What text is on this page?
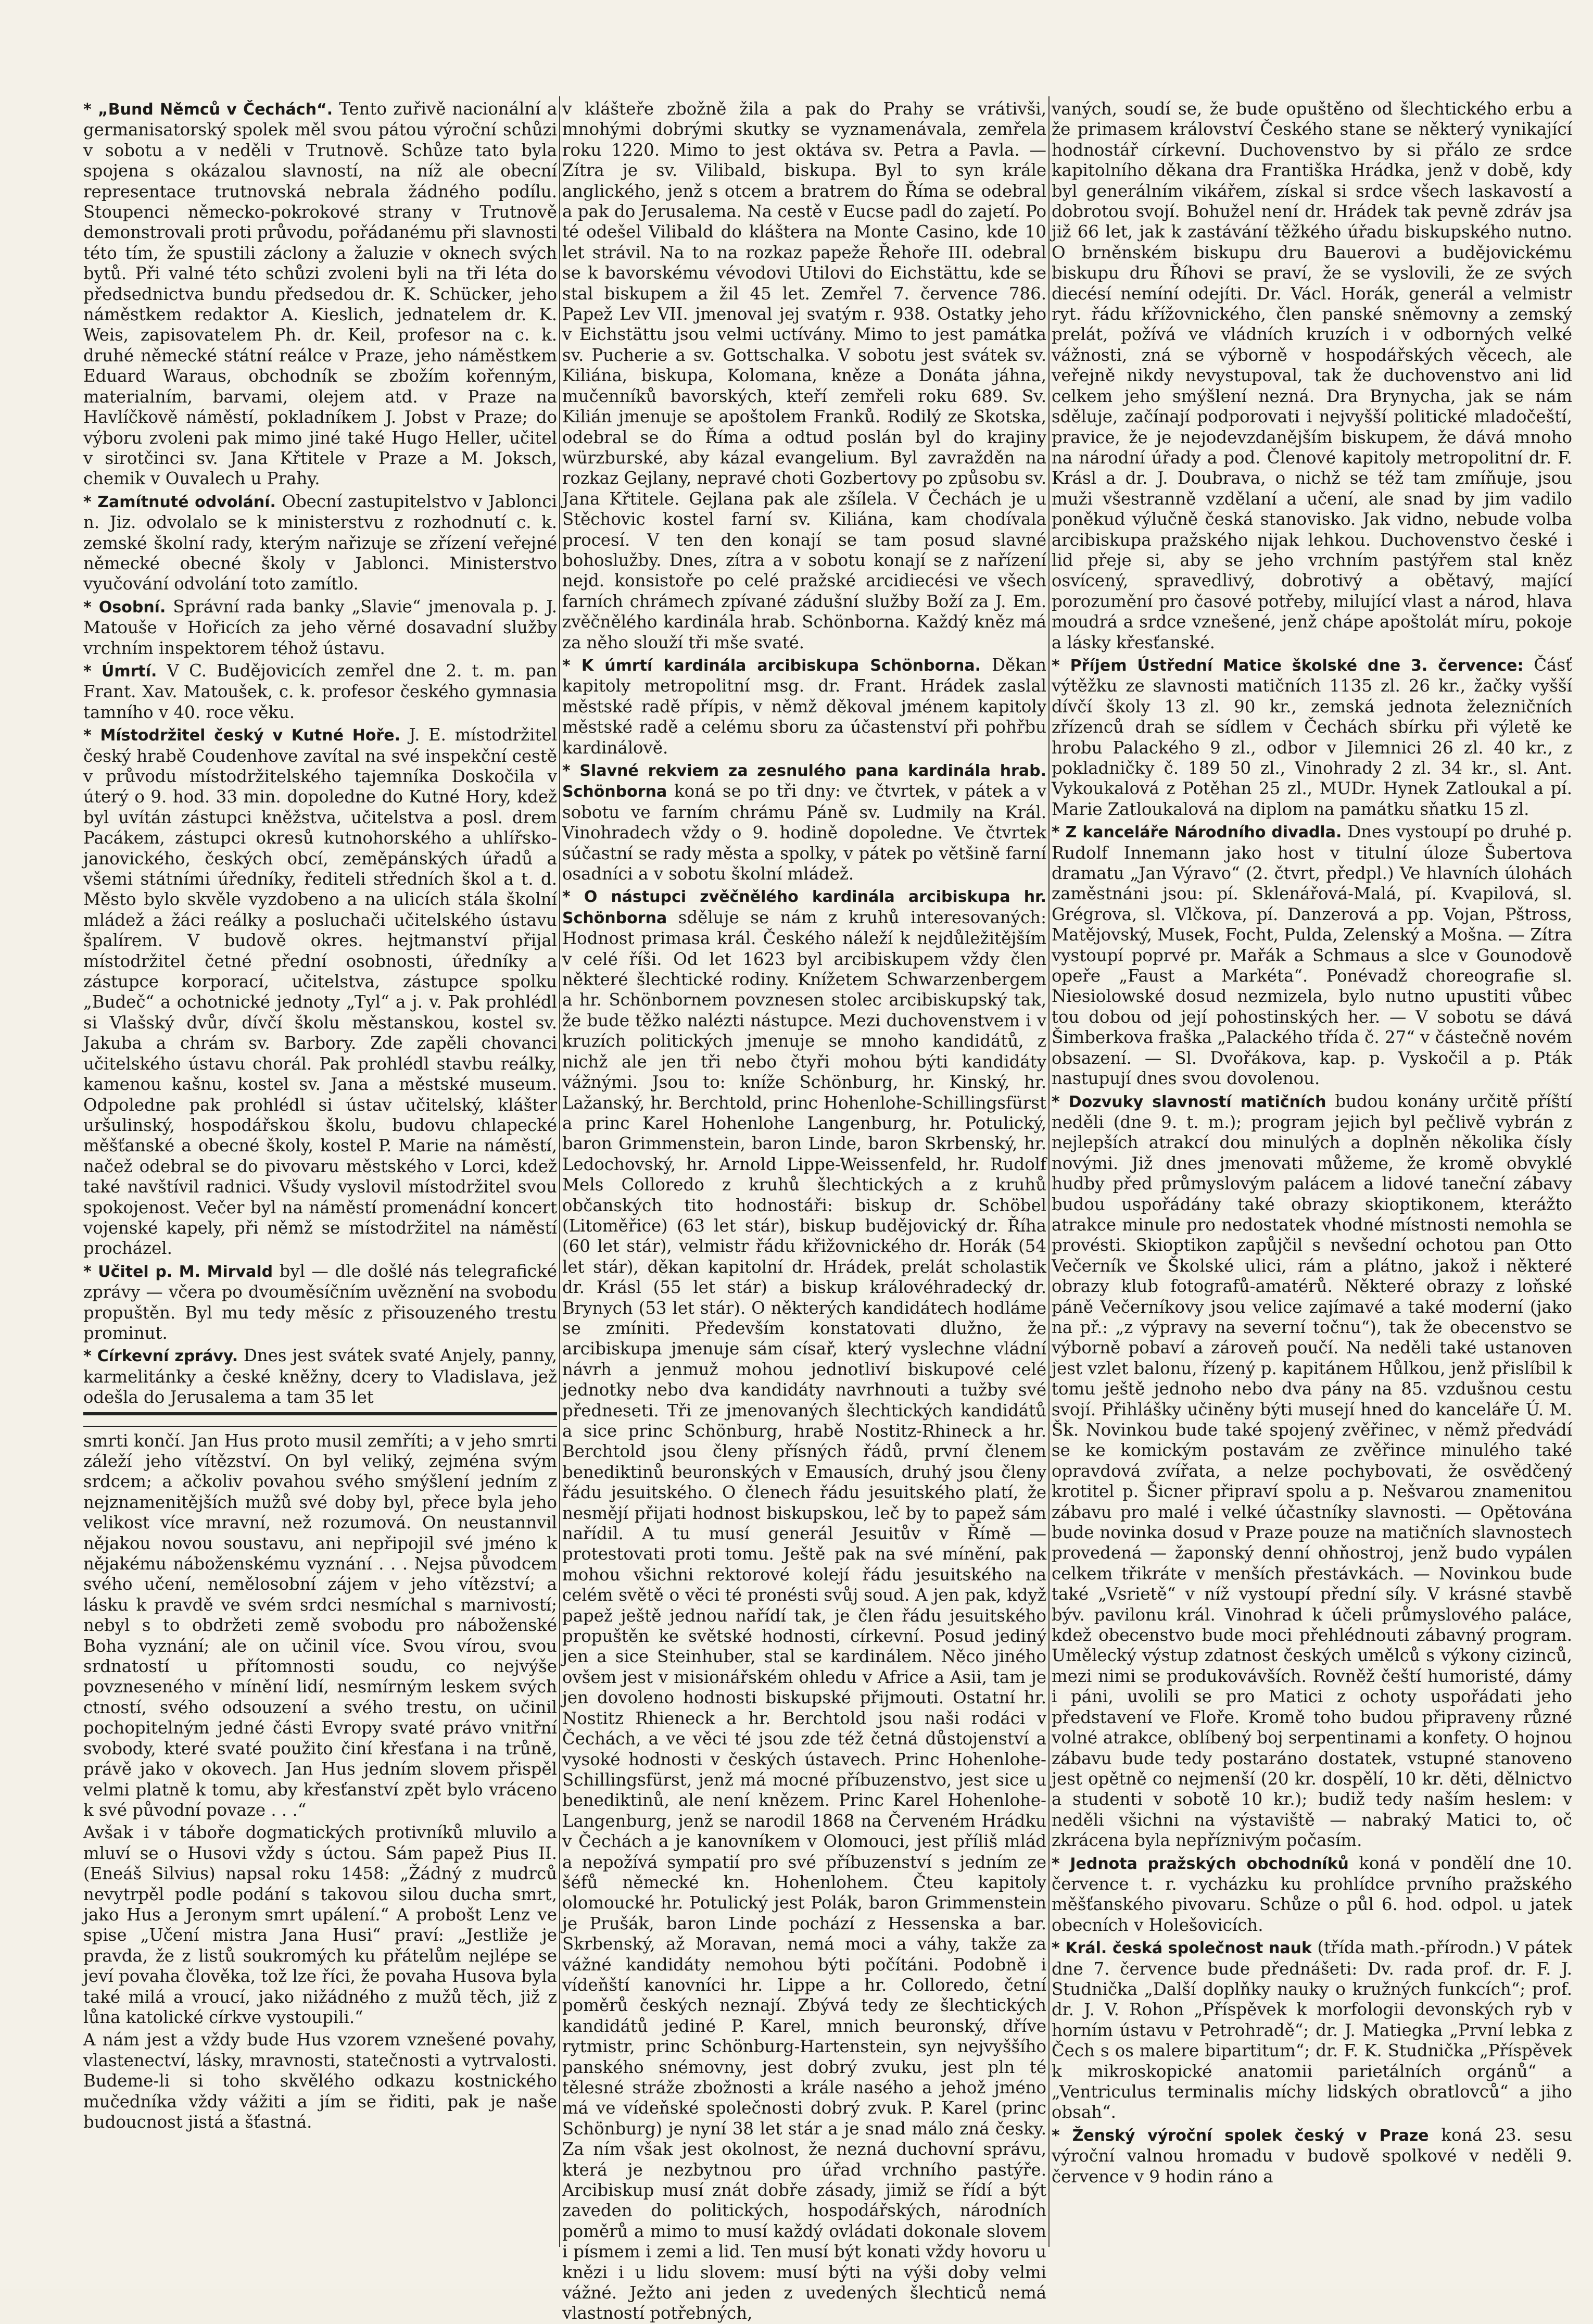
* „Bund Němců v Čechách“. Tento zuřivě nacionální a germanisatorský spolek měl svou pátou výroční schůzi v sobotu a v neděli v Trutnově. Schůze tato byla spojena s okázalou slavností, na níž ale obecní representace trutnovská nebrala žádného podílu. Stoupenci německo-pokrokové strany v Trutnově demonstrovali proti průvodu, pořádanému při slavnosti této tím, že spustili záclony a žaluzie v oknech svých bytů. Při valné této schůzi zvoleni byli na tři léta do předsednictva bundu předsedou dr. K. Schücker, jeho náměstkem redaktor A. Kieslich, jednatelem dr. K. Weis, zapisovatelem Ph. dr. Keil, profesor na c. k. druhé německé státní reálce v Praze, jeho náměstkem Eduard Waraus, obchodník se zbožím kořenným, materialním, barvami, olejem atd. v Praze na Havlíčkově náměstí, pokladníkem J. Jobst v Praze; do výboru zvoleni pak mimo jiné také Hugo Heller, učitel v sirotčinci sv. Jana Křtitele v Praze a M. Joksch, chemik v Ouvalech u Prahy.

* Zamítnuté odvolání. Obecní zastupitelstvo v Jablonci n. Jiz. odvolalo se k ministerstvu z rozhodnutí c. k. zemské školní rady, kterým nařizuje se zřízení veřejné německé obecné školy v Jablonci. Ministerstvo vyučování odvolání toto zamítlo.

* Osobní. Správní rada banky „Slavie“ jmenovala p. J. Matouše v Hořicích za jeho věrné dosavadní služby vrchním inspektorem téhož ústavu.

* Úmrtí. V C. Budějovicích zemřel dne 2. t. m. pan Frant. Xav. Matoušek, c. k. profesor českého gymnasia tamního v 40. roce věku.

* Místodržitel český v Kutné Hoře. J. E. místodržitel český hrabě Coudenhove zavítal na své inspekční cestě v průvodu místodržitelského tajemníka Doskočila v úterý o 9. hod. 33 min. dopoledne do Kutné Hory, kdež byl uvítán zástupci kněžstva, učitelstva a posl. drem Pacákem, zástupci okresů kutnohorského a uhlířsko-janovického, českých obcí, zeměpánských úřadů a všemi státními úředníky, řediteli středních škol a t. d. Město bylo skvěle vyzdobeno a na ulicích stála školní mládež a žáci reálky a posluchači učitelského ústavu špalírem. V budově okres. hejtmanství přijal místodržitel četné přední osobnosti, úředníky a zástupce korporací, učitelstva, zástupce spolku „Budeč“ a ochotnické jednoty „Tyl“ a j. v. Pak prohlédl si Vlašský dvůr, dívčí školu městanskou, kostel sv. Jakuba a chrám sv. Barbory. Zde zapěli chovanci učitelského ústavu chorál. Pak prohlédl stavbu reálky, kamenou kašnu, kostel sv. Jana a městské museum. Odpoledne pak prohlédl si ústav učitelský, klášter uršulinský, hospodářskou školu, budovu chlapecké měšťanské a obecné školy, kostel P. Marie na náměstí, načež odebral se do pivovaru městského v Lorci, kdež také navštívil radnici. Všudy vyslovil místodržitel svou spokojenost. Večer byl na náměstí promenádní koncert vojenské kapely, při němž se místodržitel na náměstí procházel.

* Učitel p. M. Mirvald byl — dle došlé nás telegrafické zprávy — včera po dvouměsíčním uvěznění na svobodu propuštěn. Byl mu tedy měsíc z přisouzeného trestu prominut.

* Církevní zprávy. Dnes jest svátek svaté Anjely, panny, karmelitánky a české kněžny, dcery to Vladislava, jež odešla do Jerusalema a tam 35 let

smrti končí. Jan Hus proto musil zemříti; a v jeho smrti záleží jeho vítězství. On byl veliký, zejména svým srdcem; a ačkoliv povahou svého smýšlení jedním z nejznamenitějších mužů své doby byl, přece byla jeho velikost více mravní, než rozumová. On neustannvil nějakou novou soustavu, ani nepřipojil své jméno k nějakému náboženskému vyznání . . . Nejsa původcem svého učení, nemělosobní zájem v jeho vítězství; a lásku k pravdě ve svém srdci nesmíchal s marnivostí; nebyl s to obdržeti země svobodu pro náboženské Boha vyznání; ale on učinil více. Svou vírou, svou srdnatostí u přítomnosti soudu, co nejvýše povzneseného v mínění lidí, nesmírným leskem svých ctností, svého odsouzení a svého trestu, on učinil pochopitelným jedné části Evropy svaté právo vnitřní svobody, které svaté použito činí křesťana i na trůně, právě jako v okovech. Jan Hus jedním slovem přispěl velmi platně k tomu, aby křesťanství zpět bylo vráceno k své původní povaze . . .“

Avšak i v táboře dogmatických protivníků mluvilo a mluví se o Husovi vždy s úctou. Sám papež Pius II. (Eneáš Silvius) napsal roku 1458: „Žádný z mudrců nevytrpěl podle podání s takovou silou ducha smrt, jako Hus a Jeronym smrt upálení.“ A probošt Lenz ve spise „Učení mistra Jana Husi“ praví: „Jestliže je pravda, že z listů soukromých ku přátelům nejlépe se jeví povaha člověka, tož lze říci, že povaha Husova byla také milá a vroucí, jako nižádného z mužů těch, již z lůna katolické církve vystoupili.“

A nám jest a vždy bude Hus vzorem vznešené povahy, vlastenectví, lásky, mravnosti, statečnosti a vytrvalosti. Budeme-li si toho skvělého odkazu kostnického mučedníka vždy vážiti a jím se řiditi, pak je naše budoucnost jistá a šťastná.

v klášteře zbožně žila a pak do Prahy se vrátivši, mnohými dobrými skutky se vyznamenávala, zemřela roku 1220. Mimo to jest oktáva sv. Petra a Pavla. — Zítra je sv. Vilibald, biskupa. Byl to syn krále anglického, jenž s otcem a bratrem do Říma se odebral a pak do Jerusalema. Na cestě v Eucse padl do zajetí. Po té odešel Vilibald do kláštera na Monte Casino, kde 10 let strávil. Na to na rozkaz papeže Řehoře III. odebral se k bavorskému vévodovi Utilovi do Eichstättu, kde se stal biskupem a žil 45 let. Zemřel 7. července 786. Papež Lev VII. jmenoval jej svatým r. 938. Ostatky jeho v Eichstättu jsou velmi uctívány. Mimo to jest památka sv. Pucherie a sv. Gottschalka. V sobotu jest svátek sv. Kiliána, biskupa, Kolomana, kněze a Donáta jáhna, mučenníků bavorských, kteří zemřeli roku 689. Sv. Kilián jmenuje se apoštolem Franků. Rodilý ze Skotska, odebral se do Říma a odtud poslán byl do krajiny würzburské, aby kázal evangelium. Byl zavražděn na rozkaz Gejlany, nepravé choti Gozbertovy po způsobu sv. Jana Křtitele. Gejlana pak ale zšílela. V Čechách je u Stěchovic kostel farní sv. Kiliána, kam chodívala procesí. V ten den konají se tam posud slavné bohoslužby. Dnes, zítra a v sobotu konají se z nařízení nejd. konsistoře po celé pražské arcidiecési ve všech farních chrámech zpívané zádušní služby Boží za J. Em. zvěčnělého kardinála hrab. Schönborna. Každý kněz má za něho slouží tři mše svaté.

* K úmrtí kardinála arcibiskupa Schönborna. Děkan kapitoly metropolitní msg. dr. Frant. Hrádek zaslal městské radě přípis, v němž děkoval jménem kapitoly městské radě a celému sboru za účastenství při pohřbu kardinálově.

* Slavné rekviem za zesnulého pana kardinála hrab. Schönborna koná se po tři dny: ve čtvrtek, v pátek a v sobotu ve farním chrámu Páně sv. Ludmily na Král. Vinohradech vždy o 9. hodině dopoledne. Ve čtvrtek súčastní se rady města a spolky, v pátek po většině farní osadníci a v sobotu školní mládež.

* O nástupci zvěčnělého kardinála arcibiskupa hr. Schönborna sděluje se nám z kruhů interesovaných: Hodnost primasa král. Českého náleží k nejdůležitějším v celé říši. Od let 1623 byl arcibiskupem vždy člen některé šlechtické rodiny. Knížetem Schwarzenbergem a hr. Schönbornem povznesen stolec arcibiskupský tak, že bude těžko nalézti nástupce. Mezi duchovenstvem i v kruzích politických jmenuje se mnoho kandidátů, z nichž ale jen tři nebo čtyři mohou býti kandidáty vážnými. Jsou to: kníže Schönburg, hr. Kinský, hr. Lažanský, hr. Berchtold, princ Hohenlohe-Schillingsfürst a princ Karel Hohenlohe Langenburg, hr. Potulický, baron Grimmenstein, baron Linde, baron Skrbenský, hr. Ledochovský, hr. Arnold Lippe-Weissenfeld, hr. Rudolf Mels Colloredo z kruhů šlechtických a z kruhů občanských tito hodnostáři: biskup dr. Schöbel (Litoměřice) (63 let stár), biskup budějovický dr. Říha (60 let stár), velmistr řádu křižovnického dr. Horák (54 let stár), děkan kapitolní dr. Hrádek, prelát scholastik dr. Krásl (55 let stár) a biskup královéhradecký dr. Brynych (53 let stár). O některých kandidátech hodláme se zmíniti. Především konstatovati dlužno, že arcibiskupa jmenuje sám císař, který vyslechne vládní návrh a jenmuž mohou jednotliví biskupové celé jednotky nebo dva kandidáty navrhnouti a tužby své předneseti. Tři ze jmenovaných šlechtických kandidátů a sice princ Schönburg, hrabě Nostitz-Rhineck a hr. Berchtold jsou členy přísných řádů, první členem benediktinů beuronských v Emausích, druhý jsou členy řádu jesuitského. O členech řádu jesuitského platí, že nesmějí přijati hodnost biskupskou, leč by to papež sám nařídil. A tu musí generál Jesuitův v Římě — protestovati proti tomu. Ještě pak na své mínění, pak mohou všichni rektorové kolejí řádu jesuitského na celém světě o věci té pronésti svůj soud. A jen pak, když papež ještě jednou nařídí tak, je člen řádu jesuitského propuštěn ke světské hodnosti, církevní. Posud jediný jen a sice Steinhuber, stal se kardinálem. Něco jiného ovšem jest v misionářském ohledu v Africe a Asii, tam je jen dovoleno hodnosti biskupské přijmouti. Ostatní hr. Nostitz Rhieneck a hr. Berchtold jsou naši rodáci v Čechách, a ve věci té jsou zde též četná důstojenství a vysoké hodnosti v českých ústavech. Princ Hohenlohe-Schillingsfürst, jenž má mocné příbuzenstvo, jest sice u benediktinů, ale není knězem. Princ Karel Hohenlohe-Langenburg, jenž se narodil 1868 na Červeném Hrádku v Čechách a je kanovníkem v Olomouci, jest příliš mlád a nepožívá sympatií pro své příbuzenství s jedním ze šéfů německé kn. Hohenlohem. Čteu kapitoly olomoucké hr. Potulický jest Polák, baron Grimmenstein je Prušák, baron Linde pochází z Hessenska a bar. Skrbenský, až Moravan, nemá moci a váhy, takže za vážné kandidáty nemohou býti počítáni. Podobně i vídeňští kanovníci hr. Lippe a hr. Colloredo, četní poměrů českých neznají. Zbývá tedy ze šlechtických kandidátů jediné P. Karel, mnich beuronský, dříve rytmistr, princ Schönburg-Hartenstein, syn nejvyššího panského snémovny, jest dobrý zvuku, jest pln té tělesné stráže zbožnosti a krále nasého a jehož jméno má ve vídeňské společnosti dobrý zvuk. P. Karel (princ Schönburg) je nyní 38 let stár a je snad málo zná česky. Za ním však jest okolnost, že nezná duchovní správu, která je nezbytnou pro úřad vrchního pastýře. Arcibiskup musí znát dobře zásady, jimiž se řídí a být zaveden do politických, hospodářských, národních poměrů a mimo to musí každý ovládati dokonale slovem i písmem i zemi a lid. Ten musí být konati vždy hovoru u knězi i u lidu slovem: musí býti na výši doby velmi vážné. Ježto ani jeden z uvedených šlechticů nemá vlastností potřebných,

vaných, soudí se, že bude opuštěno od šlechtického erbu a že primasem království Českého stane se některý vynikající hodnostář církevní. Duchovenstvo by si přálo ze srdce kapitolního děkana dra Františka Hrádka, jenž v době, kdy byl generálním vikářem, získal si srdce všech laskavostí a dobrotou svojí. Bohužel není dr. Hrádek tak pevně zdráv jsa již 66 let, jak k zastávání těžkého úřadu biskupského nutno. O brněnském biskupu dru Bauerovi a budějovickému biskupu dru Říhovi se praví, že se vyslovili, že ze svých diecésí nemíní odejíti. Dr. Václ. Horák, generál a velmistr ryt. řádu křížovnického, člen panské sněmovny a zemský prelát, požívá ve vládních kruzích i v odborných velké vážnosti, zná se výborně v hospodářských věcech, ale veřejně nikdy nevystupoval, tak že duchovenstvo ani lid celkem jeho smýšlení nezná. Dra Brynycha, jak se nám sděluje, začínají podporovati i nejvyšší politické mladočeští, pravice, že je nejodevzdanějším biskupem, že dává mnoho na národní úřady a pod. Členové kapitoly metropolitní dr. F. Krásl a dr. J. Doubrava, o nichž se též tam zmíňuje, jsou muži všestranně vzdělaní a učení, ale snad by jim vadilo poněkud výlučně česká stanovisko. Jak vidno, nebude volba arcibiskupa pražského nijak lehkou. Duchovenstvo české i lid přeje si, aby se jeho vrchním pastýřem stal kněz osvícený, spravedlivý, dobrotivý a obětavý, mající porozumění pro časové potřeby, milující vlast a národ, hlava moudrá a srdce vznešené, jenž chápe apoštolát míru, pokoje a lásky křesťanské.

* Příjem Ústřední Matice školské dne 3. července: Čásť výtěžku ze slavnosti matičních 1135 zl. 26 kr., žačky vyšší dívčí školy 13 zl. 90 kr., zemská jednota železničních zřízenců drah se sídlem v Čechách sbírku při výletě ke hrobu Palackého 9 zl., odbor v Jilemnici 26 zl. 40 kr., z pokladničky č. 189 50 zl., Vinohrady 2 zl. 34 kr., sl. Ant. Vykoukalová z Potěhan 25 zl., MUDr. Hynek Zatloukal a pí. Marie Zatloukalová na diplom na památku sňatku 15 zl.

* Z kanceláře Národního divadla. Dnes vystoupí po druhé p. Rudolf Innemann jako host v titulní úloze Šubertova dramatu „Jan Výravo“ (2. čtvrt, předpl.) Ve hlavních úlohách zaměstnáni jsou: pí. Sklenářová-Malá, pí. Kvapilová, sl. Grégrova, sl. Vlčkova, pí. Danzerová a pp. Vojan, Pštross, Matějovský, Musek, Focht, Pulda, Zelenský a Mošna. — Zítra vystoupí poprvé pr. Mařák a Schmaus a slce v Gounodově opeře „Faust a Markéta“. Ponévadž choreografie sl. Niesiolowské dosud nezmizela, bylo nutno upustiti vůbec tou dobou od její pohostinských her. — V sobotu se dává Šimberkova fraška „Palackého třída č. 27“ v částečně novém obsazení. — Sl. Dvořákova, kap. p. Vyskočil a p. Pták nastupují dnes svou dovolenou.

* Dozvuky slavností matičních budou konány určitě příští neděli (dne 9. t. m.); program jejich byl pečlivě vybrán z nejlepších atrakcí dou minulých a doplněn několika čísly novými. Již dnes jmenovati můžeme, že kromě obvyklé hudby před průmyslovým palácem a lidové taneční zábavy budou uspořádány také obrazy skioptikonem, kterážto atrakce minule pro nedostatek vhodné místnosti nemohla se provésti. Skioptikon zapůjčil s nevšední ochotou pan Otto Večerník ve Školské ulici, rám a plátno, jakož i některé obrazy klub fotografů-amatérů. Některé obrazy z loňské páně Večerníkovy jsou velice zajímavé a také moderní (jako na př.: „z výpravy na severní točnu“), tak že obecenstvo se výborně pobaví a zároveň poučí. Na neděli také ustanoven jest vzlet balonu, řízený p. kapitánem Hůlkou, jenž přislíbil k tomu ještě jednoho nebo dva pány na 85. vzdušnou cestu svojí. Přihlášky učiněny býti musejí hned do kanceláře Ú. M. Šk. Novinkou bude také spojený zvěřinec, v němž předvádí se ke komickým postavám ze zvěřince minulého také opravdová zvířata, a nelze pochybovati, že osvědčený krotitel p. Šicner připraví spolu a p. Nešvarou znamenitou zábavu pro malé i velké účastníky slavnosti. — Opětována bude novinka dosud v Praze pouze na matičních slavnostech provedená — žaponský denní ohňostroj, jenž budo vypálen celkem třikráte v menších přestávkách. — Novinkou bude také „Vsrietě“ v níž vystoupí přední síly. V krásné stavbě býv. pavilonu král. Vinohrad k účeli průmyslového paláce, kdež obecenstvo bude moci přehlédnouti zábavný program. Umělecký výstup zdatnost českých umělců s výkony cizinců, mezi nimi se produkovávších. Rovněž čeští humoristé, dámy i páni, uvolili se pro Matici z ochoty uspořádati jeho představení ve Floře. Kromě toho budou připraveny různé volné atrakce, oblíbený boj serpentinami a konfety. O hojnou zábavu bude tedy postaráno dostatek, vstupné stanoveno jest opětně co nejmenší (20 kr. dospělí, 10 kr. děti, dělnictvo a studenti v sobotě 10 kr.); budiž tedy naším heslem: v neděli všichni na výstaviště — nabraký Matici to, oč zkrácena byla nepříznivým počasím.

* Jednota pražských obchodníků koná v pondělí dne 10. července t. r. vycházku ku prohlídce prvního pražského měšťanského pivovaru. Schůze o půl 6. hod. odpol. u jatek obecních v Holešovicích.

* Král. česká společnost nauk (třída math.-přírodn.) V pátek dne 7. července bude přednášeti: Dv. rada prof. dr. F. J. Studnička „Další doplňky nauky o kružných funkcích“; prof. dr. J. V. Rohon „Příspěvek k morfologii devonských ryb v horním ústavu v Petrohradě“; dr. J. Matiegka „První lebka z Čech s os malere bipartitum“; dr. F. K. Studnička „Příspěvek k mikroskopické anatomii parietálních orgánů“ a „Ventriculus terminalis míchy lidských obratlovců“ a jiho obsah“.

* Ženský výroční spolek český v Praze koná 23. sesu výroční valnou hromadu v budově spolkové v neděli 9. července v 9 hodin ráno a
